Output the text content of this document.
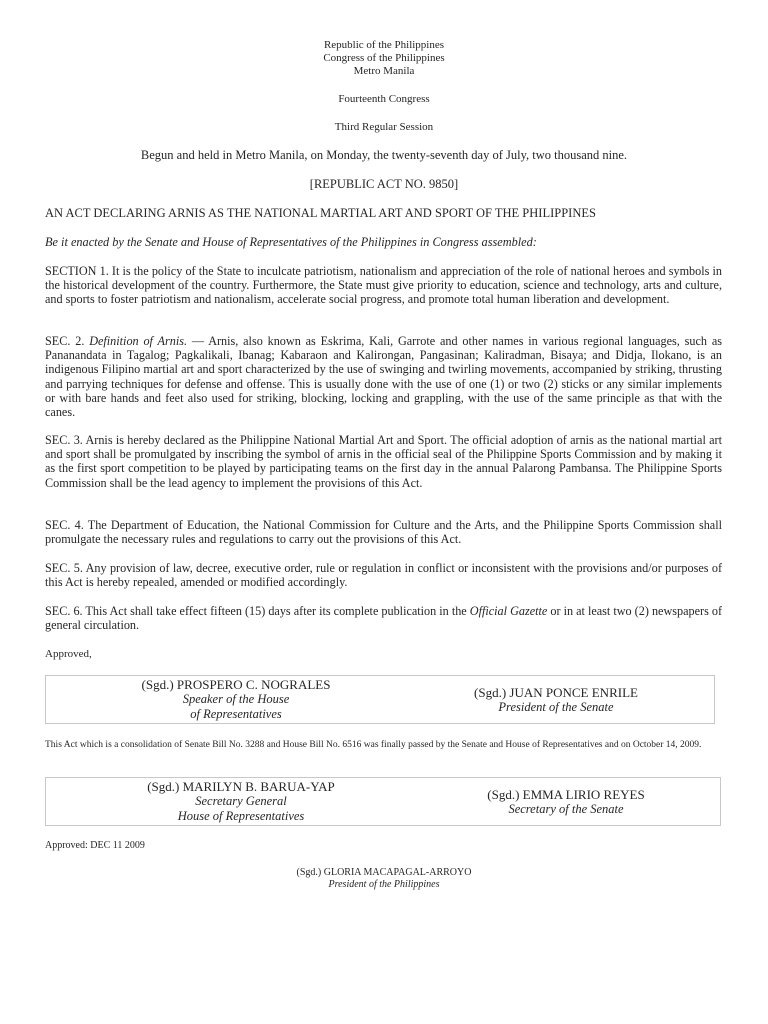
Republic of the Philippines
Congress of the Philippines
Metro Manila
Fourteenth Congress
Third Regular Session
Begun and held in Metro Manila, on Monday, the twenty-seventh day of July, two thousand nine.
[REPUBLIC ACT NO. 9850]
AN ACT DECLARING ARNIS AS THE NATIONAL MARTIAL ART AND SPORT OF THE PHILIPPINES
Be it enacted by the Senate and House of Representatives of the Philippines in Congress assembled:
SECTION 1. It is the policy of the State to inculcate patriotism, nationalism and appreciation of the role of national heroes and symbols in the historical development of the country. Furthermore, the State must give priority to education, science and technology, arts and culture, and sports to foster patriotism and nationalism, accelerate social progress, and promote total human liberation and development.
SEC. 2. Definition of Arnis. — Arnis, also known as Eskrima, Kali, Garrote and other names in various regional languages, such as Pananandata in Tagalog; Pagkalikali, Ibanag; Kabaraon and Kalirongan, Pangasinan; Kaliradman, Bisaya; and Didja, Ilokano, is an indigenous Filipino martial art and sport characterized by the use of swinging and twirling movements, accompanied by striking, thrusting and parrying techniques for defense and offense. This is usually done with the use of one (1) or two (2) sticks or any similar implements or with bare hands and feet also used for striking, blocking, locking and grappling, with the use of the same principle as that with the canes.
SEC. 3. Arnis is hereby declared as the Philippine National Martial Art and Sport. The official adoption of arnis as the national martial art and sport shall be promulgated by inscribing the symbol of arnis in the official seal of the Philippine Sports Commission and by making it as the first sport competition to be played by participating teams on the first day in the annual Palarong Pambansa. The Philippine Sports Commission shall be the lead agency to implement the provisions of this Act.
SEC. 4. The Department of Education, the National Commission for Culture and the Arts, and the Philippine Sports Commission shall promulgate the necessary rules and regulations to carry out the provisions of this Act.
SEC. 5. Any provision of law, decree, executive order, rule or regulation in conflict or inconsistent with the provisions and/or purposes of this Act is hereby repealed, amended or modified accordingly.
SEC. 6. This Act shall take effect fifteen (15) days after its complete publication in the Official Gazette or in at least two (2) newspapers of general circulation.
Approved,
(Sgd.) PROSPERO C. NOGRALES
Speaker of the House
of Representatives
(Sgd.) JUAN PONCE ENRILE
President of the Senate
This Act which is a consolidation of Senate Bill No. 3288 and House Bill No. 6516 was finally passed by the Senate and House of Representatives and on October 14, 2009.
(Sgd.) MARILYN B. BARUA-YAP
Secretary General
House of Representatives
(Sgd.) EMMA LIRIO REYES
Secretary of the Senate
Approved: DEC 11 2009
(Sgd.) GLORIA MACAPAGAL-ARROYO
President of the Philippines
